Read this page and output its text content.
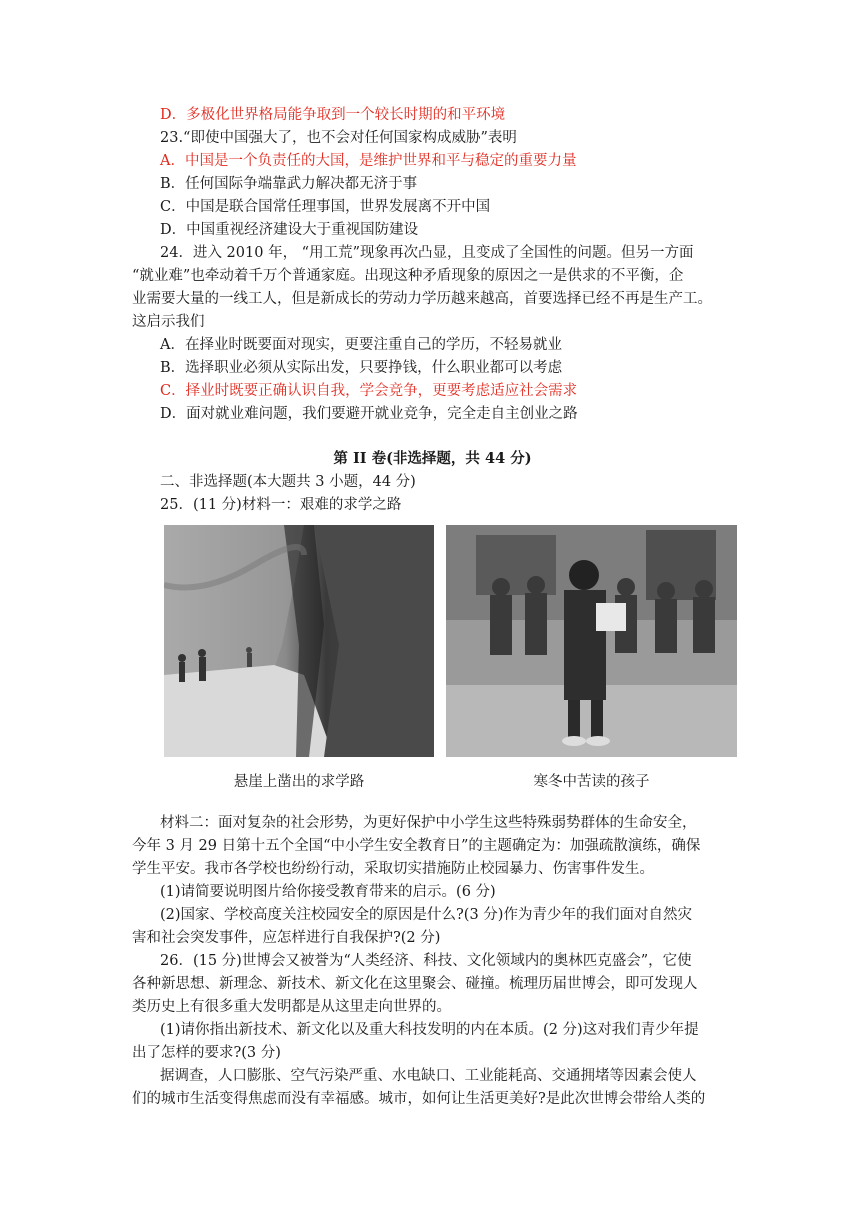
D．多极化世界格局能争取到一个较长时期的和平环境
23.“即使中国强大了，也不会对任何国家构成威胁”表明
A．中国是一个负责任的大国，是维护世界和平与稳定的重要力量
B．任何国际争端靠武力解决都无济于事
C．中国是联合国常任理事国，世界发展离不开中国
D．中国重视经济建设大于重视国防建设
24．进入 2010 年， “用工荒”现象再次凸显，且变成了全国性的问题。但另一方面
“就业难”也牵动着千万个普通家庭。出现这种矛盾现象的原因之一是供求的不平衡，企
业需要大量的一线工人，但是新成长的劳动力学历越来越高，首要选择已经不再是生产工。
这启示我们
A．在择业时既要面对现实，更要注重自己的学历，不轻易就业
B．选择职业必须从实际出发，只要挣钱，什么职业都可以考虑
C．择业时既要正确认识自我，学会竞争，更要考虑适应社会需求
D．面对就业难问题，我们要避开就业竞争，完全走自主创业之路
第 II 卷(非选择题，共 44 分)
二、非选择题(本大题共 3 小题，44 分)
25．(11 分)材料一：艰难的求学之路
悬崖上凿出的求学路	寒冬中苦读的孩子
材料二：面对复杂的社会形势，为更好保护中小学生这些特殊弱势群体的生命安全，
今年 3 月 29 日第十五个全国“中小学生安全教育日”的主题确定为：加强疏散演练，确保
学生平安。我市各学校也纷纷行动，采取切实措施防止校园暴力、伤害事件发生。
(1)请简要说明图片给你接受教育带来的启示。(6 分)
(2)国家、学校高度关注校园安全的原因是什么?(3 分)作为青少年的我们面对自然灾
害和社会突发事件，应怎样进行自我保护?(2 分)
26．(15 分)世博会又被誉为“人类经济、科技、文化领域内的奥林匹克盛会”，它使
各种新思想、新理念、新技术、新文化在这里聚会、碰撞。梳理历届世博会，即可发现人
类历史上有很多重大发明都是从这里走向世界的。
(1)请你指出新技术、新文化以及重大科技发明的内在本质。(2 分)这对我们青少年提
出了怎样的要求?(3 分)
据调查，人口膨胀、空气污染严重、水电缺口、工业能耗高、交通拥堵等因素会使人
们的城市生活变得焦虑而没有幸福感。城市，如何让生活更美好?是此次世博会带给人类的
